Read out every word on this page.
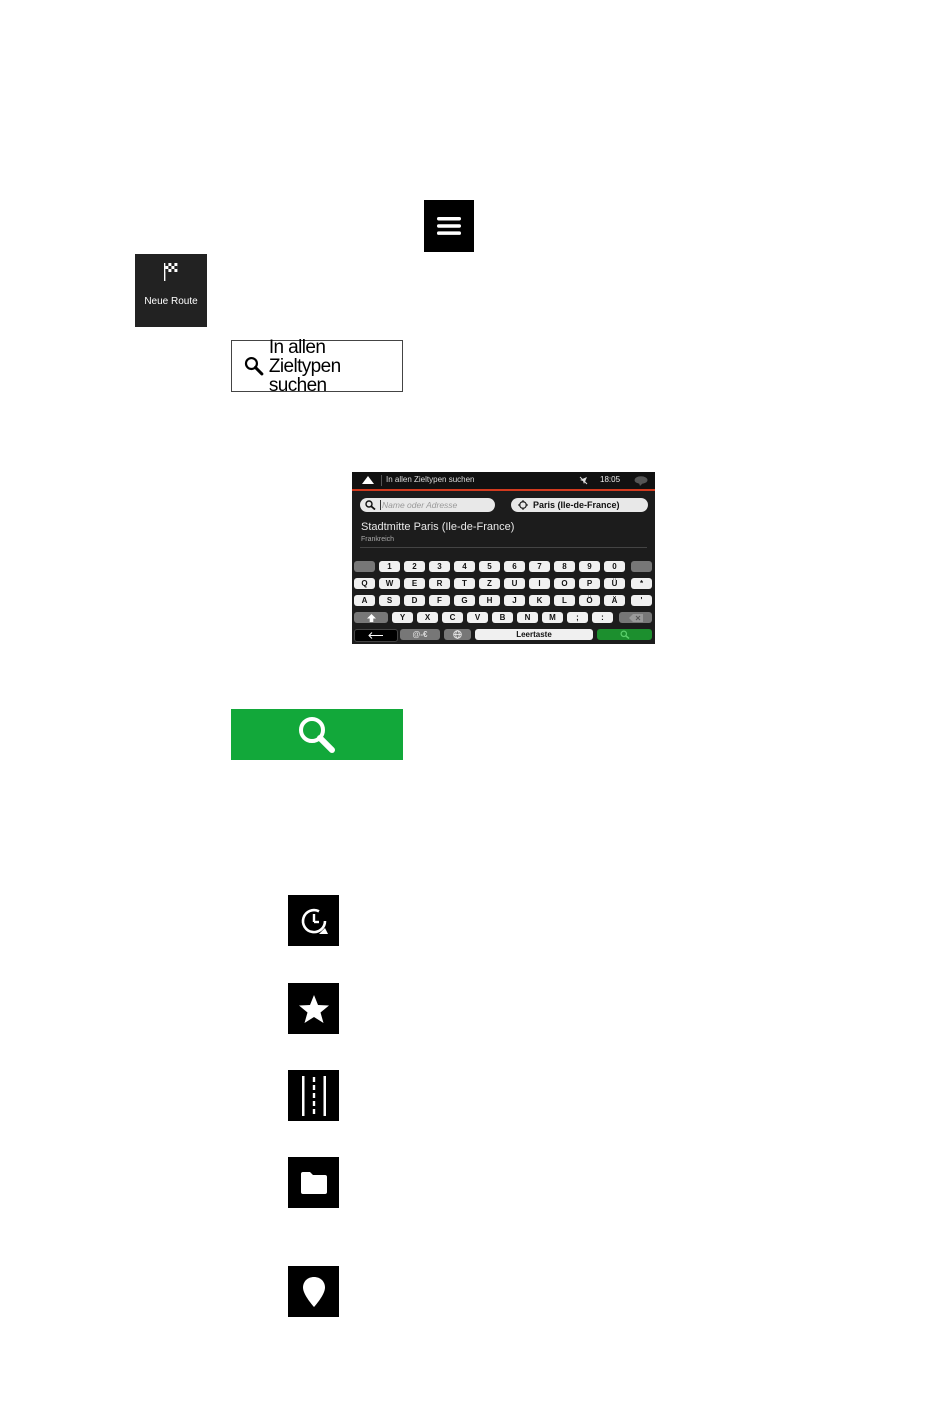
Neue Route
In allen
Zieltypen suchen
In allen Zieltypen suchen	18:05
Name oder Adresse	Paris (Ile-de-France)
Stadtmitte Paris (Ile-de-France)
Frankreich
1	2	3	4	5	6	7	8	9	0
Q	W	E	R	T	Z	U	I	O	P	Ü	*
A	S	D	F	G	H	J	K	L	Ö	Ä	'
Y	X	C	V	B	N	M	;	:
@-€	Leertaste
